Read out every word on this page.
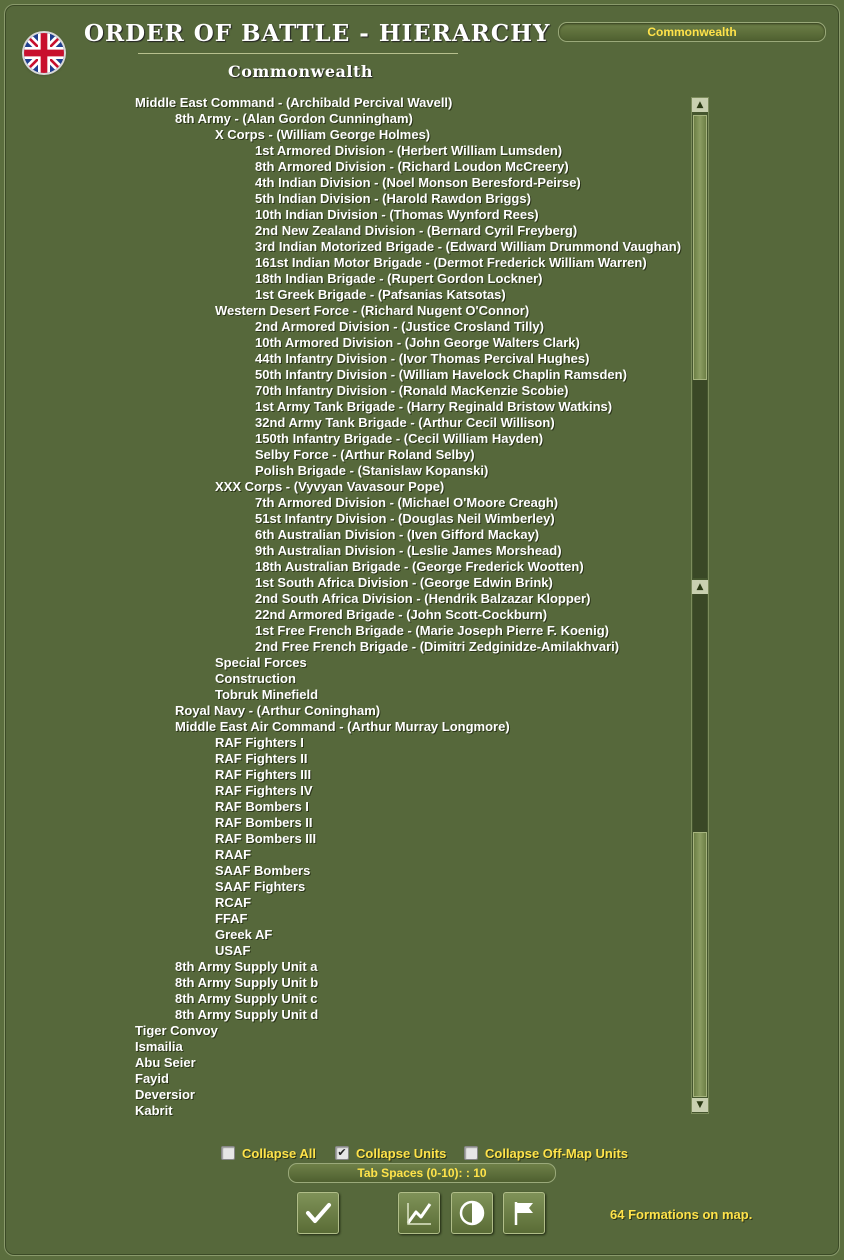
ORDER OF BATTLE - HIERARCHY
Commonwealth
Commonwealth
Middle East Command - (Archibald Percival Wavell)
8th Army - (Alan Gordon Cunningham)
X Corps - (William George Holmes)
1st Armored Division - (Herbert William Lumsden)
8th Armored Division - (Richard Loudon McCreery)
4th Indian Division - (Noel Monson Beresford-Peirse)
5th Indian Division - (Harold Rawdon Briggs)
10th Indian Division - (Thomas Wynford Rees)
2nd New Zealand Division - (Bernard Cyril Freyberg)
3rd Indian Motorized Brigade - (Edward William Drummond Vaughan)
161st Indian Motor Brigade - (Dermot Frederick William Warren)
18th Indian Brigade - (Rupert Gordon Lockner)
1st Greek Brigade - (Pafsanias Katsotas)
Western Desert Force - (Richard Nugent O'Connor)
2nd Armored Division - (Justice Crosland Tilly)
10th Armored Division - (John George Walters Clark)
44th Infantry Division - (Ivor Thomas Percival Hughes)
50th Infantry Division - (William Havelock Chaplin Ramsden)
70th Infantry Division - (Ronald MacKenzie Scobie)
1st Army Tank Brigade - (Harry Reginald Bristow Watkins)
32nd Army Tank Brigade - (Arthur Cecil Willison)
150th Infantry Brigade - (Cecil William Hayden)
Selby Force - (Arthur Roland Selby)
Polish Brigade - (Stanislaw Kopanski)
XXX Corps - (Vyvyan Vavasour Pope)
7th Armored Division - (Michael O'Moore Creagh)
51st Infantry Division - (Douglas Neil Wimberley)
6th Australian Division - (Iven Gifford Mackay)
9th Australian Division - (Leslie James Morshead)
18th Australian Brigade - (George Frederick Wootten)
1st South Africa Division - (George Edwin Brink)
2nd South Africa Division - (Hendrik Balzazar Klopper)
22nd Armored Brigade - (John Scott-Cockburn)
1st Free French Brigade - (Marie Joseph Pierre F. Koenig)
2nd Free French Brigade - (Dimitri Zedginidze-Amilakhvari)
Special Forces
Construction
Tobruk Minefield
Royal Navy - (Arthur Coningham)
Middle East Air Command - (Arthur Murray Longmore)
RAF Fighters I
RAF Fighters II
RAF Fighters III
RAF Fighters IV
RAF Bombers I
RAF Bombers II
RAF Bombers III
RAAF
SAAF Bombers
SAAF Fighters
RCAF
FFAF
Greek AF
USAF
8th Army Supply Unit a
8th Army Supply Unit b
8th Army Supply Unit c
8th Army Supply Unit d
Tiger Convoy
Ismailia
Abu Seier
Fayid
Deversior
Kabrit
▲
▲
▼
Collapse All ✔ Collapse Units	Collapse Off-Map Units
Tab Spaces (0-10): : 10
64 Formations on map.
